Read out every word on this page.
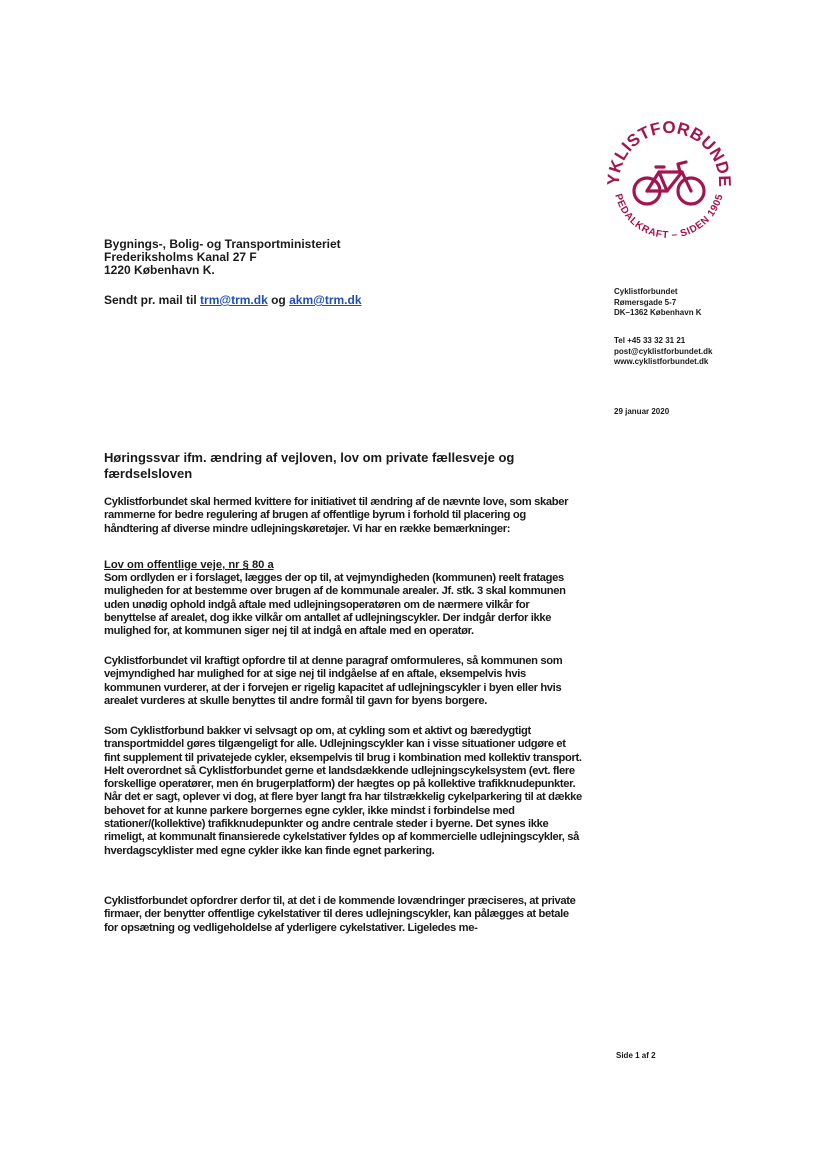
YKLISTFORBUNDE
PEDALKRAFT – SIDEN 1905
Bygnings-, Bolig- og Transportministeriet
Frederiksholms Kanal 27 F
1220 København K.
Sendt pr. mail til trm@trm.dk og akm@trm.dk
Cyklistforbundet
Rømersgade 5-7
DK–1362 København K
Tel +45 33 32 31 21
post@cyklistforbundet.dk
www.cyklistforbundet.dk
29 januar 2020
Høringssvar ifm. ændring af vejloven, lov om private fællesveje og færdselsloven
Cyklistforbundet skal hermed kvittere for initiativet til ændring af de nævnte love, som skaber rammerne for bedre regulering af brugen af offentlige byrum i forhold til placering og håndtering af diverse mindre udlejningskøretøjer. Vi har en række bemærkninger:
Lov om offentlige veje, nr § 80 a
Som ordlyden er i forslaget, lægges der op til, at vejmyndigheden (kommunen) reelt fratages muligheden for at bestemme over brugen af de kommunale arealer. Jf. stk. 3 skal kommunen uden unødig ophold indgå aftale med udlejningsoperatøren om de nærmere vilkår for benyttelse af arealet, dog ikke vilkår om antallet af udlejningscykler. Der indgår derfor ikke mulighed for, at kommunen siger nej til at indgå en aftale med en operatør.
Cyklistforbundet vil kraftigt opfordre til at denne paragraf omformuleres, så kommunen som vejmyndighed har mulighed for at sige nej til indgåelse af en aftale, eksempelvis hvis kommunen vurderer, at der i forvejen er rigelig kapacitet af udlejningscykler i byen eller hvis arealet vurderes at skulle benyttes til andre formål til gavn for byens borgere.
Som Cyklistforbund bakker vi selvsagt op om, at cykling som et aktivt og bæredygtigt transportmiddel gøres tilgængeligt for alle. Udlejningscykler kan i visse situationer udgøre et fint supplement til privatejede cykler, eksempelvis til brug i kombination med kollektiv transport. Helt overordnet så Cyklistforbundet gerne et landsdækkende udlejningscykelsystem (evt. flere forskellige operatører, men én brugerplatform) der hægtes op på kollektive trafikknudepunkter. Når det er sagt, oplever vi dog, at flere byer langt fra har tilstrækkelig cykelparkering til at dække behovet for at kunne parkere borgernes egne cykler, ikke mindst i forbindelse med stationer/(kollektive) trafikknudepunkter og andre centrale steder i byerne. Det synes ikke rimeligt, at kommunalt finansierede cykelstativer fyldes op af kommercielle udlejningscykler, så hverdagscyklister med egne cykler ikke kan finde egnet parkering.
Cyklistforbundet opfordrer derfor til, at det i de kommende lovændringer præciseres, at private firmaer, der benytter offentlige cykelstativer til deres udlejningscykler, kan pålægges at betale for opsætning og vedligeholdelse af yderligere cykelstativer. Ligeledes me-
Side 1 af 2
